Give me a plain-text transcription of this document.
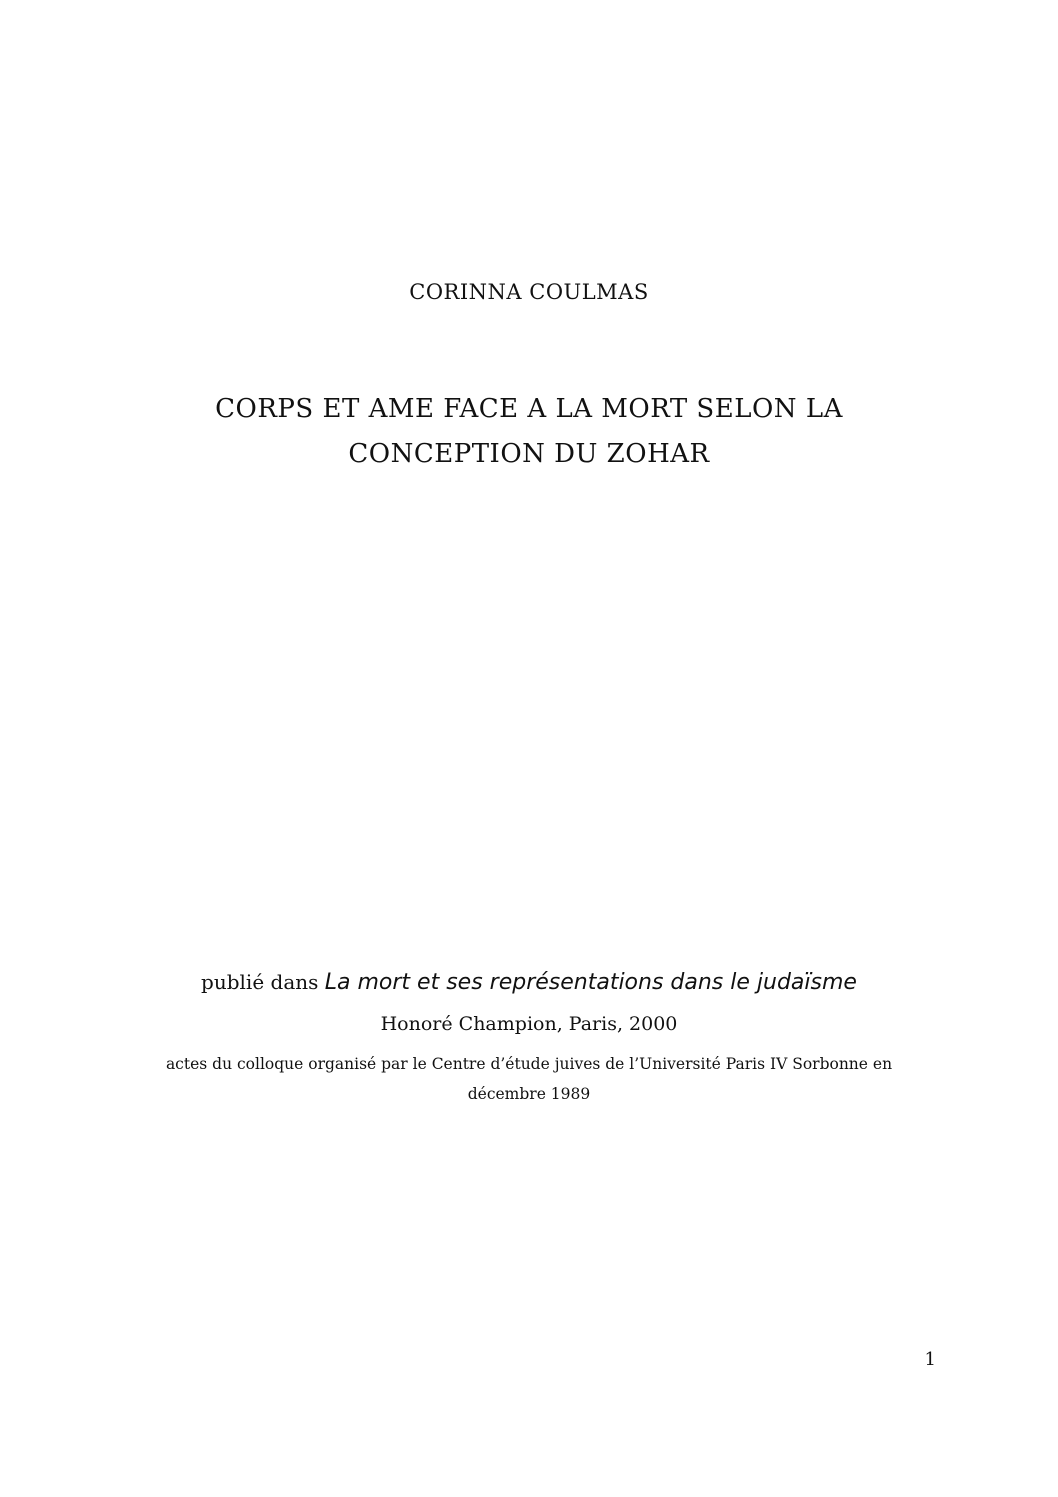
CORINNA COULMAS
CORPS ET AME FACE A LA MORT SELON LA
CONCEPTION DU ZOHAR
publié dans La mort et ses représentations dans le judaïsme
Honoré Champion, Paris, 2000
actes du colloque organisé par le Centre d’étude juives de l’Université Paris IV Sorbonne en
décembre 1989
1
